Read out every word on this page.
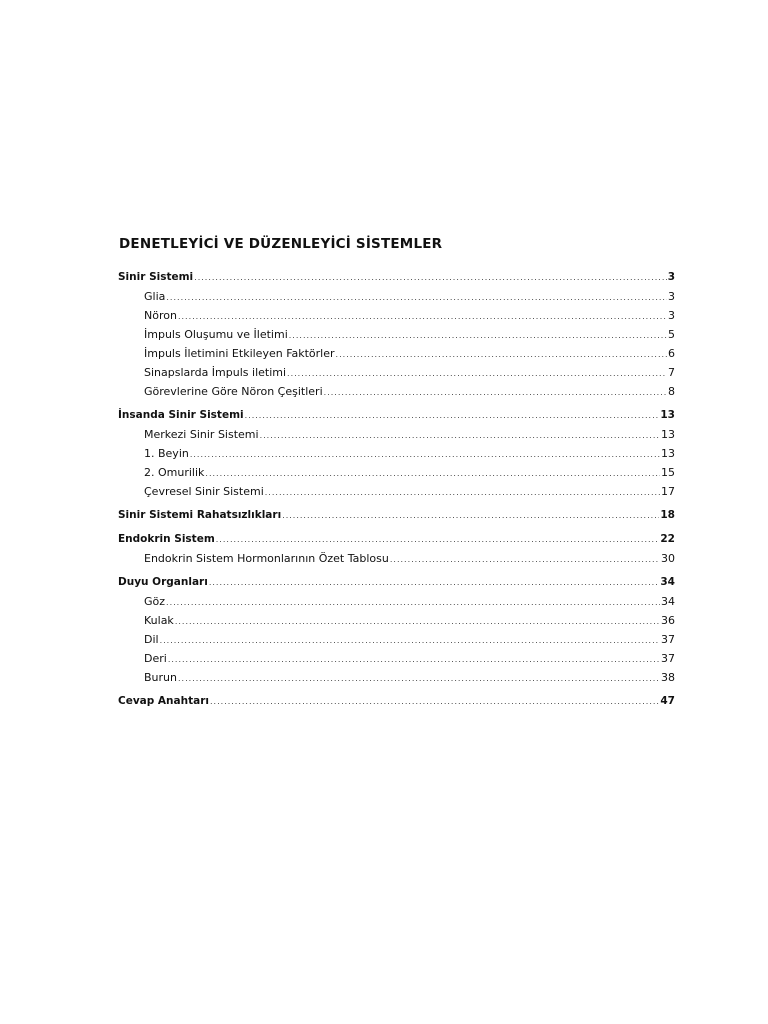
DENETLEYİCİ VE DÜZENLEYİCİ SİSTEMLER
Sinir Sistemi .....	3
Glia .....	3
Nöron .....	3
İmpuls Oluşumu ve İletimi .....	5
İmpuls İletimini Etkileyen Faktörler .....	6
Sinapslarda İmpuls iletimi .....	7
Görevlerine Göre Nöron Çeşitleri .....	8
İnsanda Sinir Sistemi .....	13
Merkezi Sinir Sistemi .....	13
1. Beyin .....	13
2. Omurilik .....	15
Çevresel Sinir Sistemi .....	17
Sinir Sistemi Rahatsızlıkları .....	18
Endokrin Sistem .....	22
Endokrin Sistem Hormonlarının Özet Tablosu .....	30
Duyu Organları .....	34
Göz .....	34
Kulak .....	36
Dil .....	37
Deri .....	37
Burun .....	38
Cevap Anahtarı .....	47
